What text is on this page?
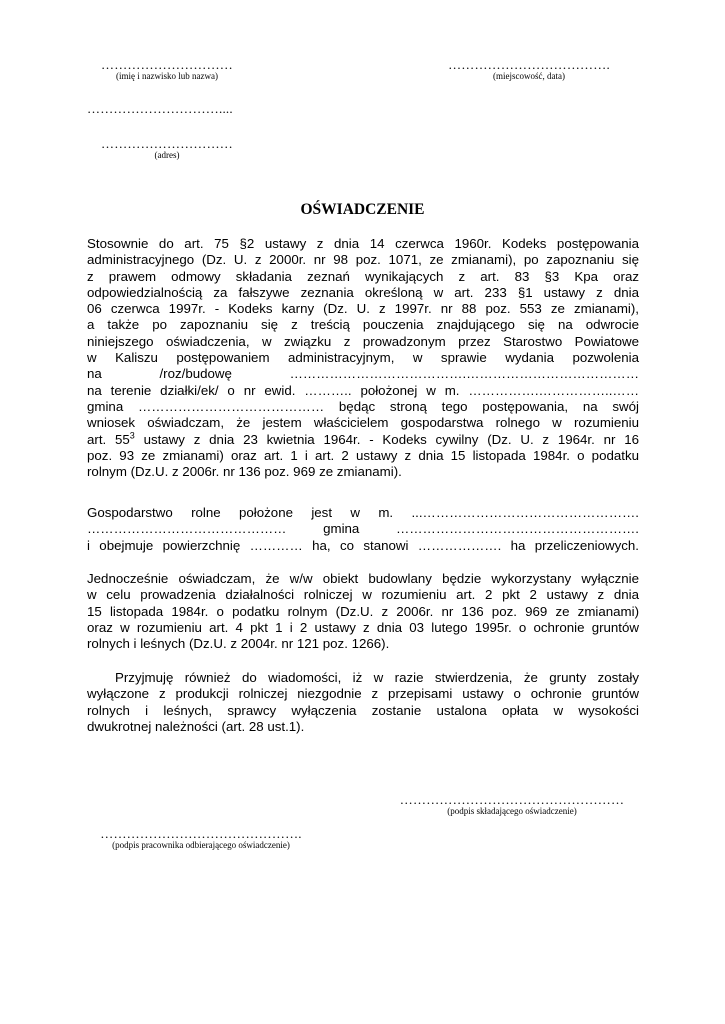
…………………………
(imię i nazwisko lub nazwa)
……………………………….
(miejscowość, data)
…………………………....
…………………………
(adres)
OŚWIADCZENIE
Stosownie do art. 75 §2 ustawy z dnia 14 czerwca 1960r. Kodeks postępowania
administracyjnego (Dz. U. z 2000r. nr 98 poz. 1071, ze zmianami), po zapoznaniu się
z prawem odmowy składania zeznań wynikających z art. 83 §3 Kpa oraz
odpowiedzialnością za fałszywe zeznania określoną w art. 233 §1 ustawy z dnia
06 czerwca 1997r. - Kodeks karny (Dz. U. z 1997r. nr 88 poz. 553 ze zmianami),
a także po zapoznaniu się z treścią pouczenia znajdującego się na odwrocie
niniejszego oświadczenia, w związku z prowadzonym przez Starostwo Powiatowe
w Kaliszu postępowaniem administracyjnym, w sprawie wydania pozwolenia
na /roz/budowę ………………………………….…………………………………
na terenie działki/ek/ o nr ewid. ……….. położonej w m. …………….……………..……
gmina …………………………………… będąc stroną tego postępowania, na swój
wniosek oświadczam, że jestem właścicielem gospodarstwa rolnego w rozumieniu
art. $55^3$ ustawy z dnia 23 kwietnia 1964r. - Kodeks cywilny (Dz. U. z 1964r. nr 16
poz. 93 ze zmianami) oraz art. 1 i art. 2 ustawy z dnia 15 listopada 1984r. o podatku
rolnym (Dz.U. z 2006r. nr 136 poz. 969 ze zmianami).
Gospodarstwo rolne położone jest w m. ...………………………………………….
……………………………………… gmina ……………………………………………….
i obejmuje powierzchnię ………… ha, co stanowi ………………. ha przeliczeniowych.
Jednocześnie oświadczam, że w/w obiekt budowlany będzie wykorzystany wyłącznie
w celu prowadzenia działalności rolniczej w rozumieniu art. 2 pkt 2 ustawy z dnia
15 listopada 1984r. o podatku rolnym (Dz.U. z 2006r. nr 136 poz. 969 ze zmianami)
oraz w rozumieniu art. 4 pkt 1 i 2 ustawy z dnia 03 lutego 1995r. o ochronie gruntów
rolnych i leśnych (Dz.U. z 2004r. nr 121 poz. 1266).
Przyjmuję również do wiadomości, iż w razie stwierdzenia, że grunty zostały
wyłączone z produkcji rolniczej niezgodnie z przepisami ustawy o ochronie gruntów
rolnych i leśnych, sprawcy wyłączenia zostanie ustalona opłata w wysokości
dwukrotnej należności (art. 28 ust.1).
……………………………………………
(podpis składającego oświadczenie)
……………………………………….
(podpis pracownika odbierającego oświadczenie)
